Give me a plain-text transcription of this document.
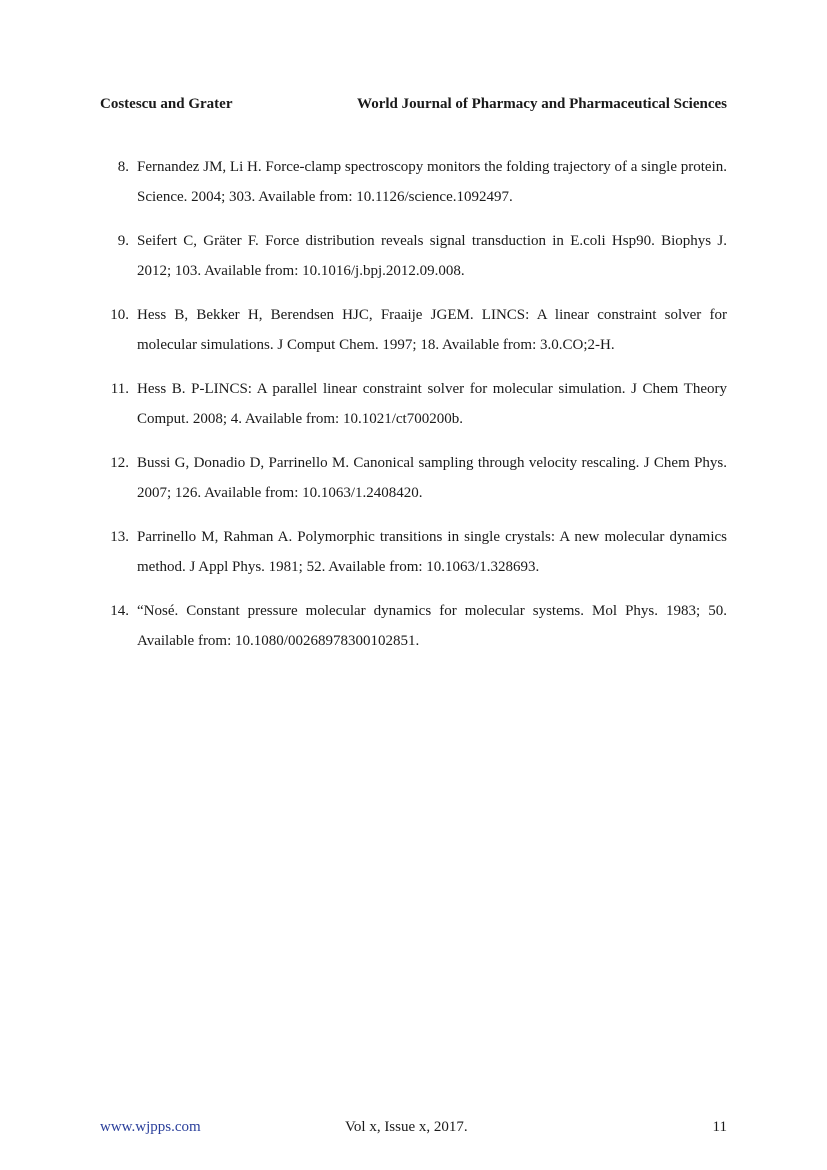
Costescu and Grater	World Journal of Pharmacy and Pharmaceutical Sciences
8. Fernandez JM, Li H. Force-clamp spectroscopy monitors the folding trajectory of a single protein. Science. 2004; 303. Available from: 10.1126/science.1092497.
9. Seifert C, Gräter F. Force distribution reveals signal transduction in E.coli Hsp90. Biophys J. 2012; 103. Available from: 10.1016/j.bpj.2012.09.008.
10. Hess B, Bekker H, Berendsen HJC, Fraaije JGEM. LINCS: A linear constraint solver for molecular simulations. J Comput Chem. 1997; 18. Available from: 3.0.CO;2-H.
11. Hess B. P-LINCS: A parallel linear constraint solver for molecular simulation. J Chem Theory Comput. 2008; 4. Available from: 10.1021/ct700200b.
12. Bussi G, Donadio D, Parrinello M. Canonical sampling through velocity rescaling. J Chem Phys. 2007; 126. Available from: 10.1063/1.2408420.
13. Parrinello M, Rahman A. Polymorphic transitions in single crystals: A new molecular dynamics method. J Appl Phys. 1981; 52. Available from: 10.1063/1.328693.
14. “Nosé. Constant pressure molecular dynamics for molecular systems. Mol Phys. 1983; 50. Available from: 10.1080/00268978300102851.
www.wjpps.com	Vol x, Issue x, 2017.	11
